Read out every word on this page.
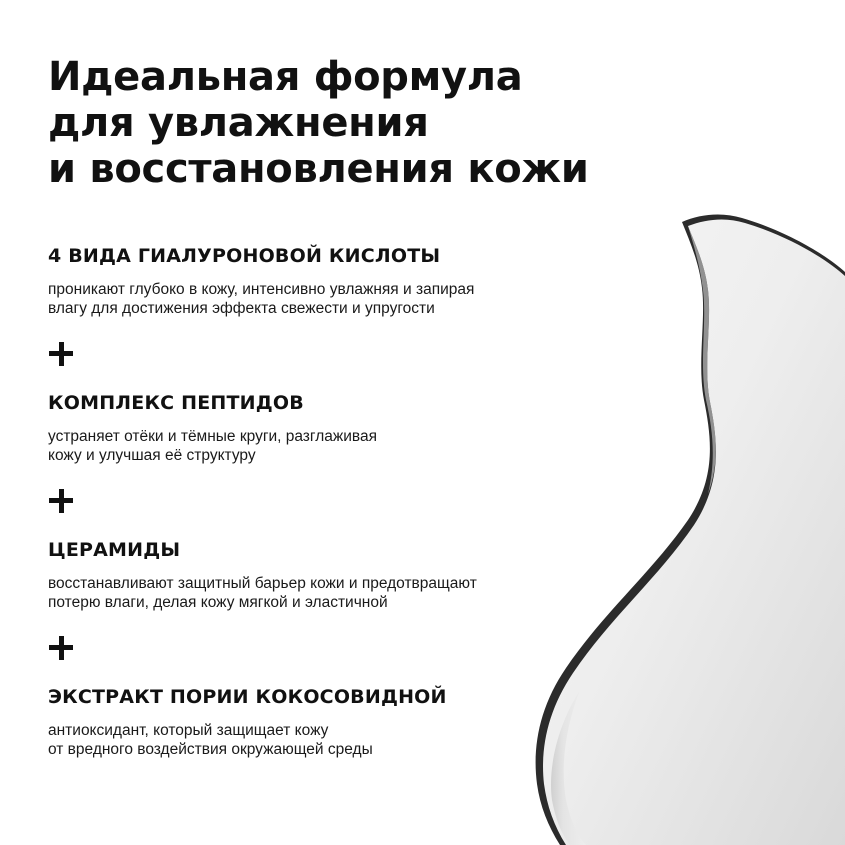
Идеальная формула
для увлажнения
и восстановления кожи
4 ВИДА ГИАЛУРОНОВОЙ КИСЛОТЫ

проникают глубоко в кожу, интенсивно увлажняя и запирая
влагу для достижения эффекта свежести и упругости

КОМПЛЕКС ПЕПТИДОВ

устраняет отёки и тёмные круги, разглаживая
кожу и улучшая её структуру

ЦЕРАМИДЫ

восстанавливают защитный барьер кожи и предотвращают
потерю влаги, делая кожу мягкой и эластичной

ЭКСТРАКТ ПОРИИ КОКОСОВИДНОЙ

антиоксидант, который защищает кожу
от вредного воздействия окружающей среды
